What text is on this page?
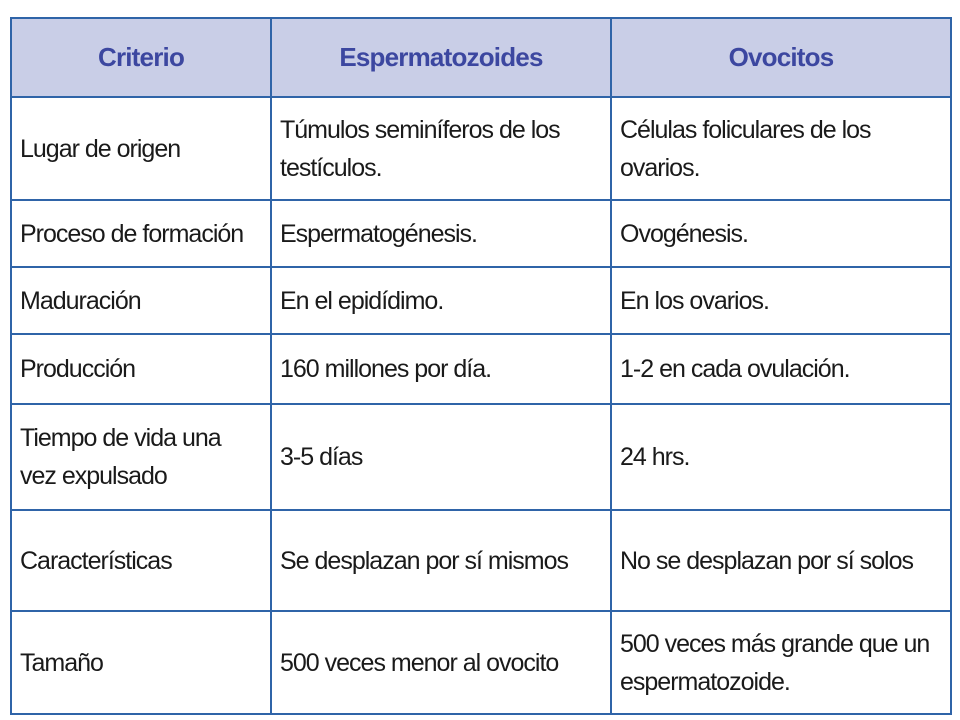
Criterio	Espermatozoides	Ovocitos
Lugar de origen	Túmulos seminíferos de los testículos.	Células foliculares de los ovarios.
Proceso de formación	Espermatogénesis.	Ovogénesis.
Maduración	En el epidídimo.	En los ovarios.
Producción	160 millones por día.	1-2 en cada ovulación.
Tiempo de vida una vez expulsado	3-5 días	24 hrs.
Características	Se desplazan por sí mismos	No se desplazan por sí solos
Tamaño	500 veces menor al ovocito	500 veces más grande que un espermatozoide.
